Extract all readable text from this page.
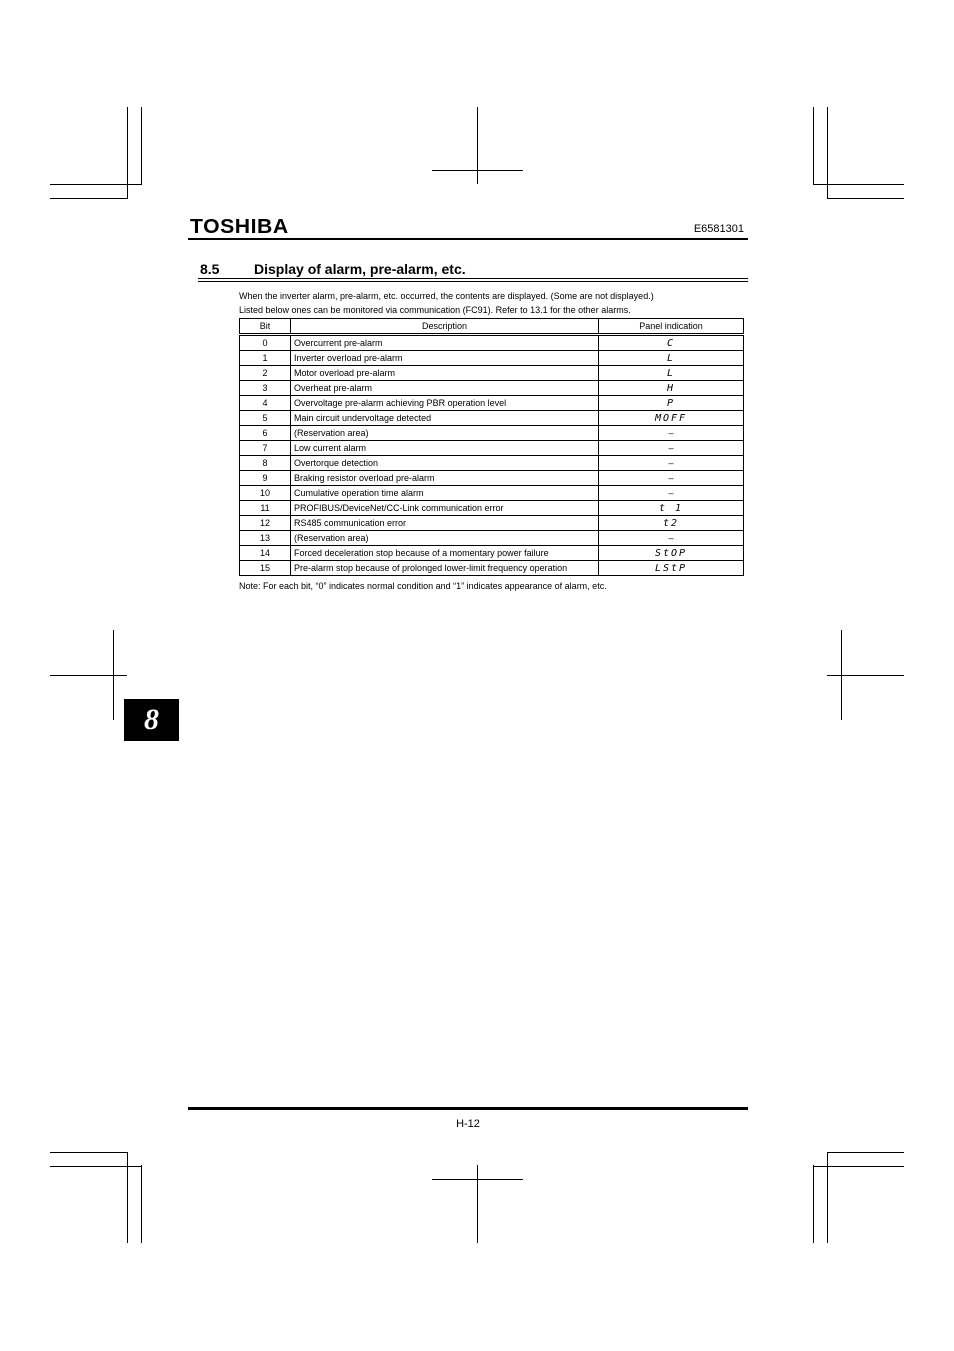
TOSHIBA	E6581301
8.5 Display of alarm, pre-alarm, etc.
When the inverter alarm, pre-alarm, etc. occurred, the contents are displayed. (Some are not displayed.)
Listed below ones can be monitored via communication (FC91). Refer to 13.1 for the other alarms.
Bit	Description	Panel indication
0	Overcurrent pre-alarm	C
1	Inverter overload pre-alarm	L
2	Motor overload pre-alarm	L
3	Overheat pre-alarm	H
4	Overvoltage pre-alarm achieving PBR operation level	P
5	Main circuit undervoltage detected	MOFF
6	(Reservation area)	–
7	Low current alarm	–
8	Overtorque detection	–
9	Braking resistor overload pre-alarm	–
10	Cumulative operation time alarm	–
11	PROFIBUS/DeviceNet/CC-Link communication error	t 1
12	RS485 communication error	t2
13	(Reservation area)	–
14	Forced deceleration stop because of a momentary power failure	StOP
15	Pre-alarm stop because of prolonged lower-limit frequency operation	LStP
Note: For each bit, “0” indicates normal condition and “1” indicates appearance of alarm, etc.
8
H-12
